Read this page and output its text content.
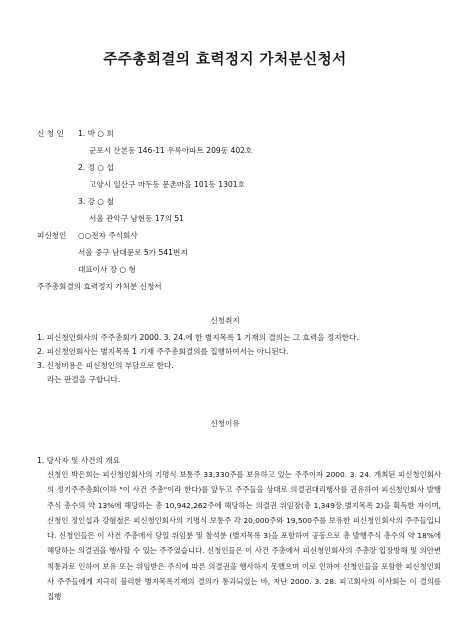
주주총회결의 효력정지 가처분신청서
신 청 인 1. 박 ○ 희
군포시 산본동 146-11 우륵아파트 209동 402호
2. 정 ○ 섭
고양시 일산구 마두동 문촌마을 101동 1301호
3. 강 ○ 철
서울 관악구 남현동 17의 51
피신청인 ○○전자 주식회사
서울 중구 남대문로 5가 541번지
대표이사 장 ○ 형
주주총회결의 효력정지 가처분 신청서
신청취지
1. 피신청인회사의 주주총회가 2000. 3. 24.에 한 별지목록 1 기재의 결의는 그 효력을 정지한다.
2. 피신청인회사는 별지목록 1 기재 주주총회결의를 집행하여서는 아니된다.
3. 신청비용은 피신청인의 부담으로 한다.
라는 판결을 구합니다.
신청이유
1. 당사자 및 사건의 개요
신청인 박은희는 피신청인회사의 기명식 보통주 33,330주를 보유하고 있는 주주이자 2000. 3. 24. 개최된 피신청인회사의 정기주주총회(이하 "이 사건 주총"이라 한다)를 앞두고 주주들을 상대로 의결권대리행사를 권유하여 피신청인회사 발행주식 총수의 약 13%에 해당하는 총 10,942,262주에 해당하는 의결권 위임장(총 1,349장 별지목록 2)을 획득한 자이며, 신청인 정인섭과 강형철은 피신청인회사의 기명식 보통주 각 20,000주와 19,500주를 보유한 피신청인회사의 주주들입니다. 신청인들은 이 사건 주총에서 당일 위임분 및 참석분 (별지목록 3)을 포함하여 공동으로 총 발행주식 총수의 약 18%에 해당하는 의결권을 행사할 수 있는 주주였습니다. 신청인들은 이 사건 주총에서 피신청인회사의 주총장 입장방해 및 의안변칙통과로 인하여 보유 또는 위임받은 주식에 따른 의결권을 행사하지 못했으며 이로 인하여 신청인들을 포함한 피신청인회사 주주들에게 지극히 불리한 별지목록기재의 결의가 통과되었는 바, 지난 2000. 3. 28. 피고회사의 이사회는 이 결의를 집행
